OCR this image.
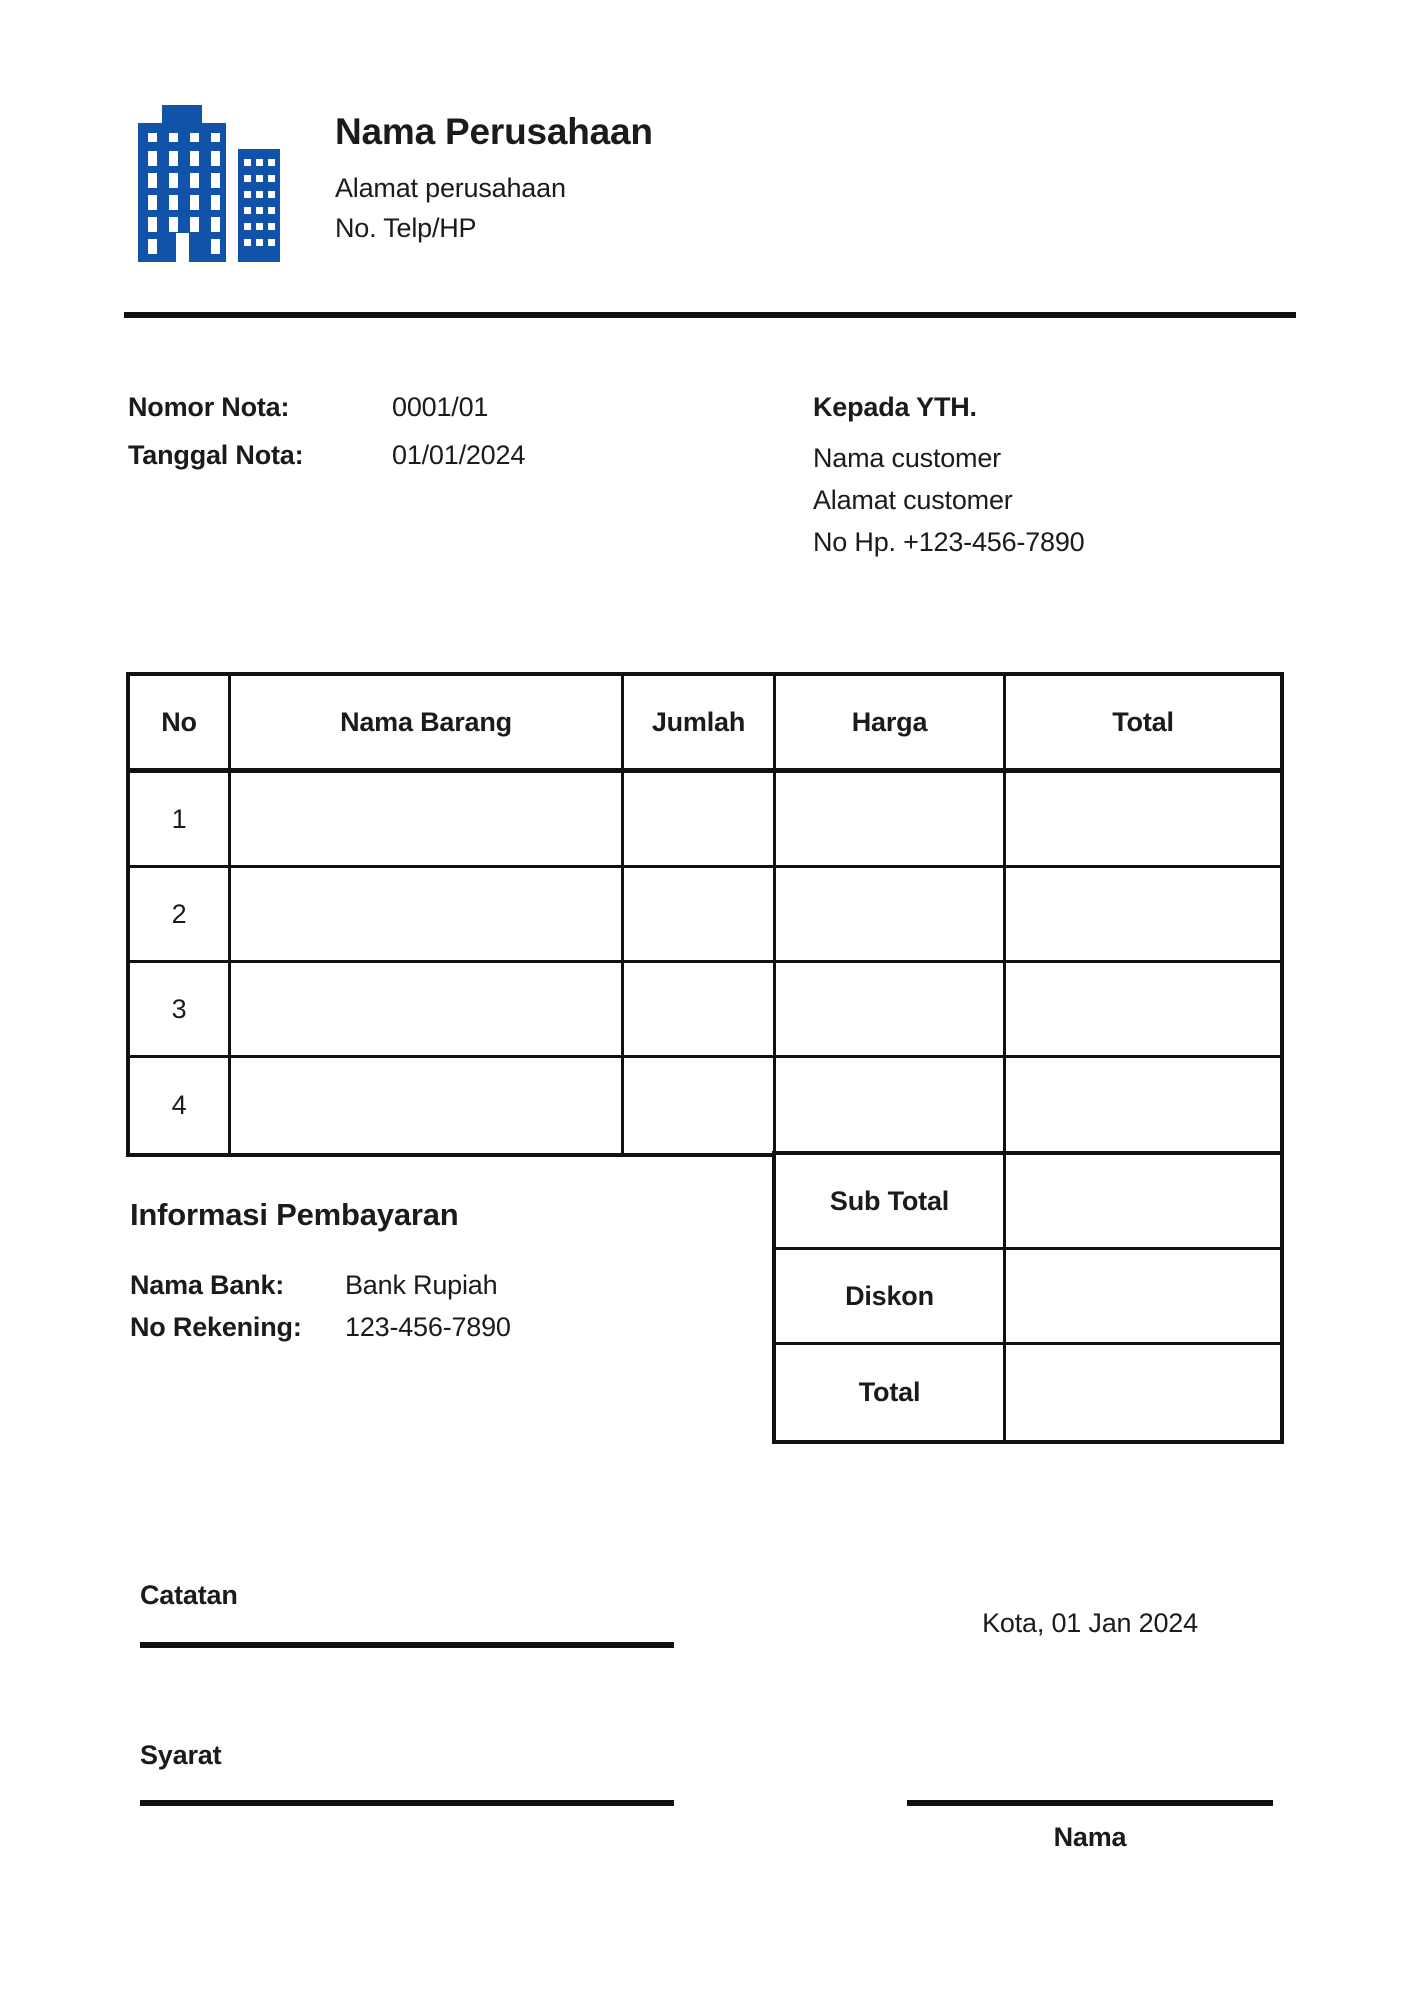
Nama Perusahaan
Alamat perusahaan
No. Telp/HP
Nomor Nota:	0001/01
Tanggal Nota:	01/01/2024
Kepada YTH.
Nama customer
Alamat customer
No Hp. +123-456-7890
No	Nama Barang	Jumlah	Harga	Total
1
2
3
4
Sub Total
Diskon
Total
Informasi Pembayaran
Nama Bank: Bank Rupiah
No Rekening: 123-456-7890
Catatan
Kota, 01 Jan 2024
Syarat
Nama
